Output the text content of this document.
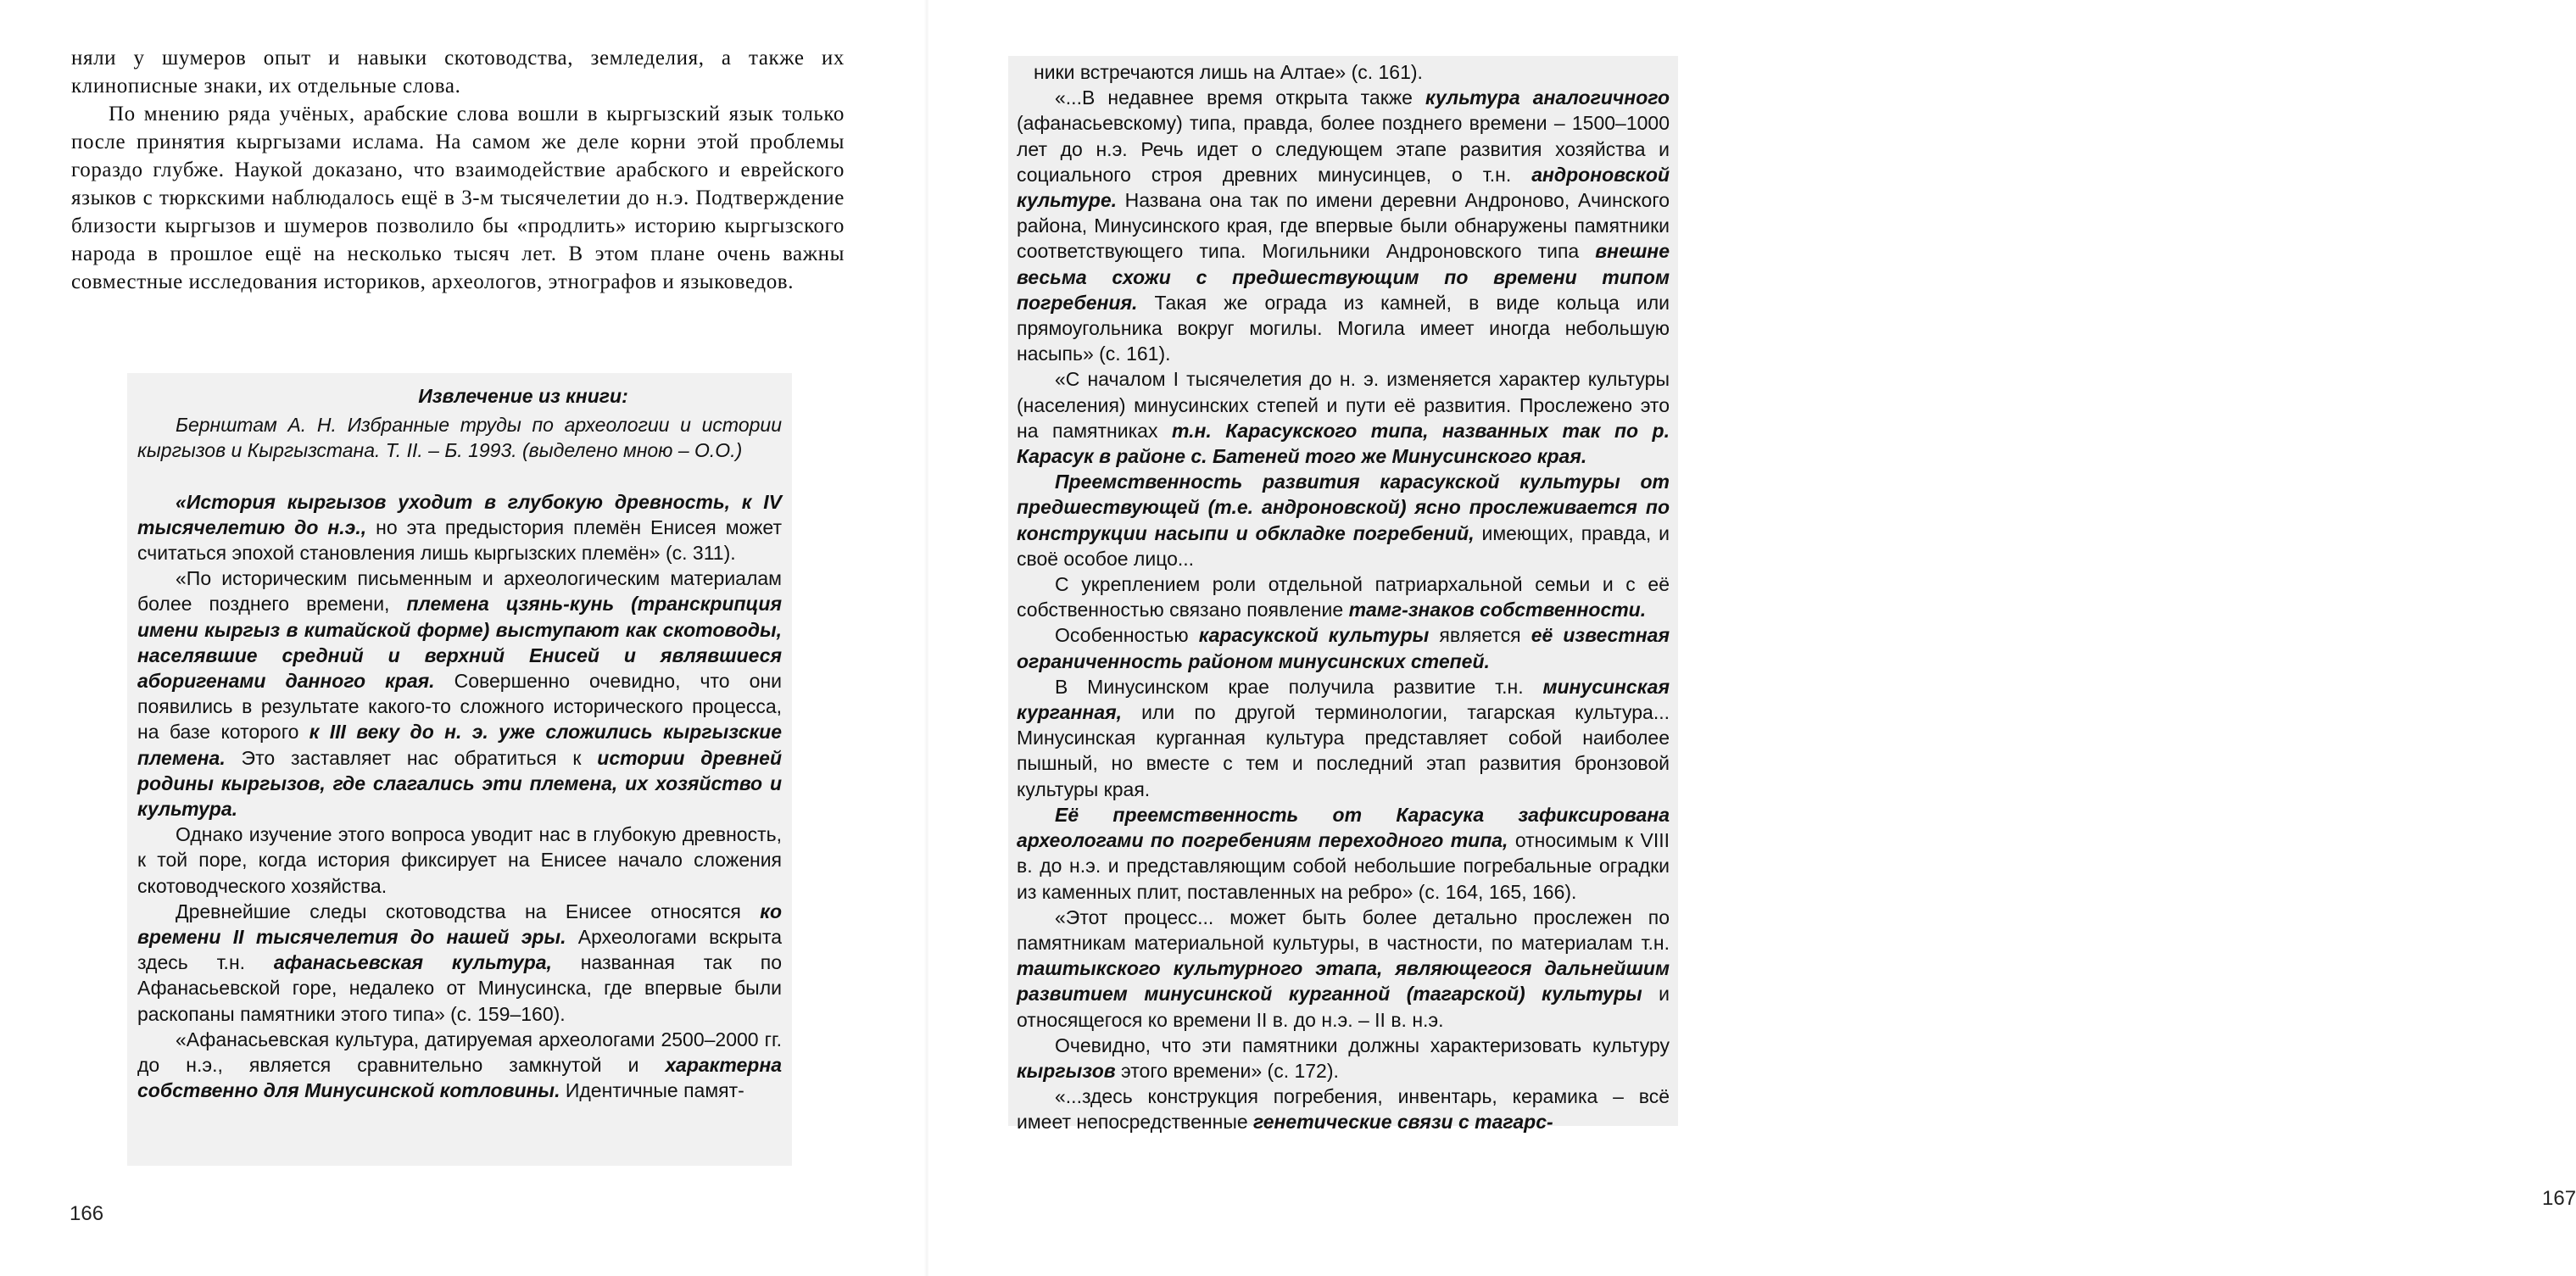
няли у шумеров опыт и навыки скотоводства, земледелия, а также их клинописные знаки, их отдельные слова.

По мнению ряда учёных, арабские слова вошли в кыргызский язык только после принятия кыргызами ислама. На самом же деле корни этой проблемы гораздо глубже. Наукой доказано, что взаимодействие арабского и еврейского языков с тюркскими наблюдалось ещё в 3-м тысячелетии до н.э. Подтверждение близости кыргызов и шумеров позволило бы «продлить» историю кыргызского народа в прошлое ещё на несколько тысяч лет. В этом плане очень важны совместные исследования историков, археологов, этнографов и языковедов.

Извлечение из книги:

Бернштам А. Н. Избранные труды по археологии и истории кыргызов и Кыргызстана. Т. II. – Б. 1993. (выделено мною – О.О.)

«История кыргызов уходит в глубокую древность, к IV тысячелетию до н.э., но эта предыстория племён Енисея может считаться эпохой становления лишь кыргызских племён» (с. 311).

«По историческим письменным и археологическим материалам более позднего времени, племена цзянь-кунь (транскрипция имени кыргыз в китайской форме) выступают как скотоводы, населявшие средний и верхний Енисей и являвшиеся аборигенами данного края. Совершенно очевидно, что они появились в результате какого-то сложного исторического процесса, на базе которого к III веку до н. э. уже сложились кыргызские племена. Это заставляет нас обратиться к истории древней родины кыргызов, где слагались эти племена, их хозяйство и культура.

Однако изучение этого вопроса уводит нас в глубокую древность, к той поре, когда история фиксирует на Енисее начало сложения скотоводческого хозяйства.

Древнейшие следы скотоводства на Енисее относятся ко времени II тысячелетия до нашей эры. Археологами вскрыта здесь т.н. афанасьевская культура, названная так по Афанасьевской горе, недалеко от Минусинска, где впервые были раскопаны памятники этого типа» (с. 159–160).

«Афанасьевская культура, датируемая археологами 2500–2000 гг. до н.э., является сравнительно замкнутой и характерна собственно для Минусинской котловины. Идентичные памят-

166

ники встречаются лишь на Алтае» (с. 161).

«...В недавнее время открыта также культура аналогичного (афанасьевскому) типа, правда, более позднего времени – 1500–1000 лет до н.э. Речь идет о следующем этапе развития хозяйства и социального строя древних минусинцев, о т.н. андроновской культуре. Названа она так по имени деревни Андроново, Ачинского района, Минусинского края, где впервые были обнаружены памятники соответствующего типа. Могильники Андроновского типа внешне весьма схожи с предшествующим по времени типом погребения. Такая же ограда из камней, в виде кольца или прямоугольника вокруг могилы. Могила имеет иногда небольшую насыпь» (с. 161).

«С началом I тысячелетия до н. э. изменяется характер культуры (населения) минусинских степей и пути её развития. Прослежено это на памятниках т.н. Карасукского типа, названных так по р. Карасук в районе с. Батеней того же Минусинского края.

Преемственность развития карасукской культуры от предшествующей (т.е. андроновской) ясно прослеживается по конструкции насыпи и обкладке погребений, имеющих, правда, и своё особое лицо...

С укреплением роли отдельной патриархальной семьи и с её собственностью связано появление тамг-знаков собственности.

Особенностью карасукской культуры является её известная ограниченность районом минусинских степей.

В Минусинском крае получила развитие т.н. минусинская курганная, или по другой терминологии, тагарская культура... Минусинская курганная культура представляет собой наиболее пышный, но вместе с тем и последний этап развития бронзовой культуры края.

Её преемственность от Карасука зафиксирована археологами по погребениям переходного типа, относимым к VIII в. до н.э. и представляющим собой небольшие погребальные оградки из каменных плит, поставленных на ребро» (с. 164, 165, 166).

«Этот процесс... может быть более детально прослежен по памятникам материальной культуры, в частности, по материалам т.н. таштыкского культурного этапа, являющегося дальнейшим развитием минусинской курганной (тагарской) культуры и относящегося ко времени II в. до н.э. – II в. н.э.

Очевидно, что эти памятники должны характеризовать культуру кыргызов этого времени» (с. 172).

«...здесь конструкция погребения, инвентарь, керамика – всё имеет непосредственные генетические связи с тагарс-

167
